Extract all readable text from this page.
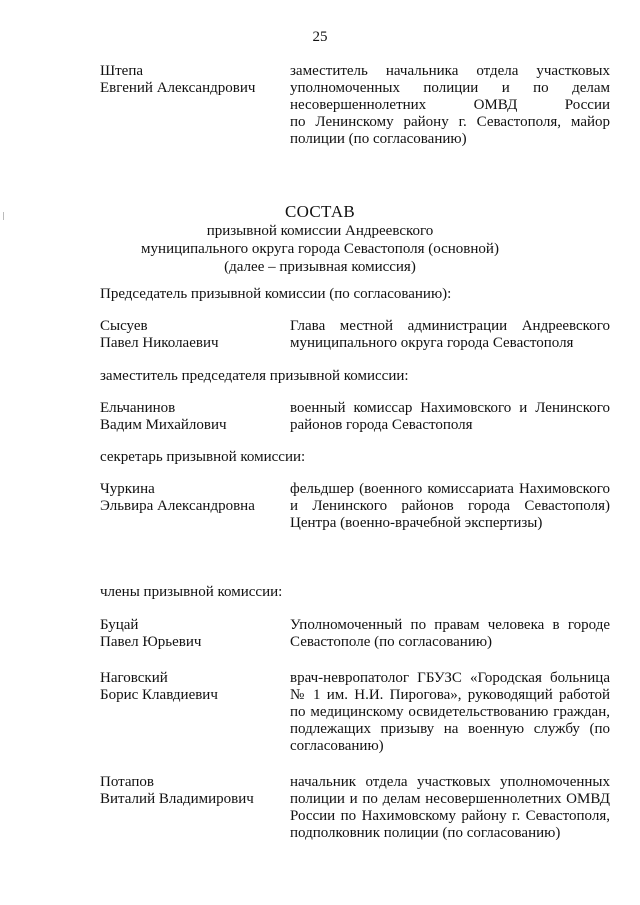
25
Штепа
Евгений Александрович
заместитель начальника отдела участковых
уполномоченных полиции и по делам
несовершеннолетних ОМВД России
по Ленинскому району г. Севастополя, майор
полиции (по согласованию)
СОСТАВ
призывной комиссии Андреевского
муниципального округа города Севастополя (основной)
(далее – призывная комиссия)
Председатель призывной комиссии (по согласованию):
Сысуев
Павел Николаевич
Глава местной администрации Андреевского муниципального округа города Севастополя
заместитель председателя призывной комиссии:
Ельчанинов
Вадим Михайлович
военный комиссар Нахимовского и Ленинского районов города Севастополя
секретарь призывной комиссии:
Чуркина
Эльвира Александровна
фельдшер (военного комиссариата Нахимовского и Ленинского районов города Севастополя) Центра (военно-врачебной экспертизы)
члены призывной комиссии:
Буцай
Павел Юрьевич
Уполномоченный по правам человека в городе Севастополе (по согласованию)
Наговский
Борис Клавдиевич
врач-невропатолог ГБУЗС «Городская больница № 1 им. Н.И. Пирогова», руководящий работой по медицинскому освидетельствованию граждан, подлежащих призыву на военную службу (по согласованию)
Потапов
Виталий Владимирович
начальник отдела участковых уполномоченных полиции и по делам несовершеннолетних ОМВД России по Нахимовскому району г. Севастополя, подполковник полиции (по согласованию)
